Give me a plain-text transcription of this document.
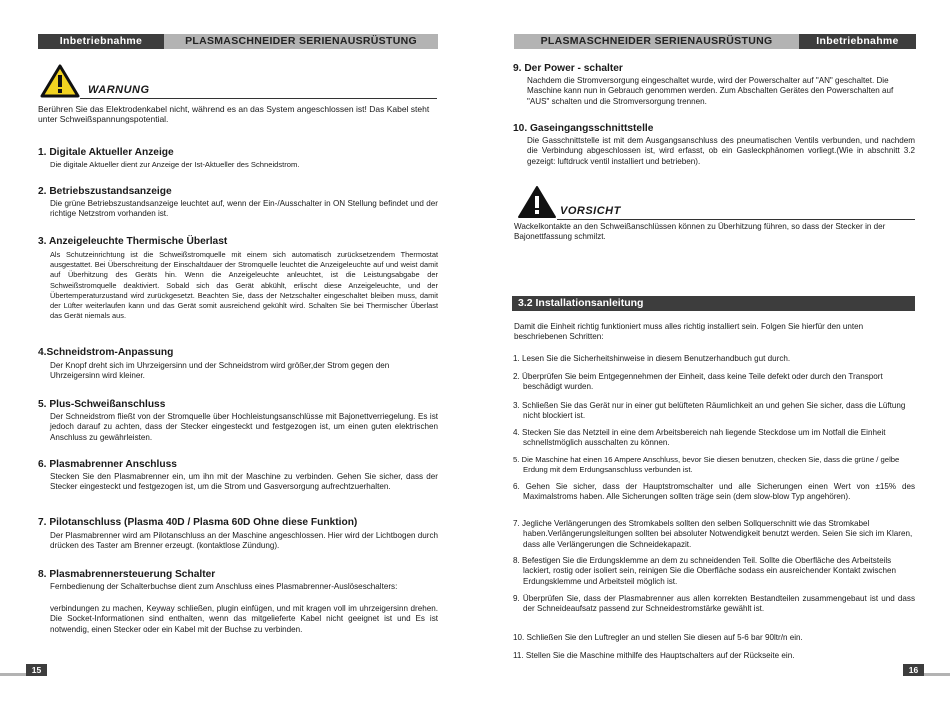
Inbetriebnahme	PLASMASCHNEIDER SERIENAUSRÜSTUNG
WARNUNG

Berühren Sie das Elektrodenkabel nicht, während es an das System angeschlossen ist! Das Kabel steht unter Schweißspannungspotential.

1. Digitale Aktueller Anzeige

Die digitale Aktueller dient zur Anzeige der Ist-Aktueller des Schneidstrom.

2. Betriebszustandsanzeige

Die grüne Betriebszustandsanzeige leuchtet auf, wenn der Ein-/Ausschalter in ON Stellung befindet und der richtige Netzstrom vorhanden ist.

3. Anzeigeleuchte Thermische Überlast

Als Schutzeinrichtung ist die Schweißstromquelle mit einem sich automatisch zurücksetzendem Thermostat ausgestattet. Bei Überschreitung der Einschaltdauer der Stromquelle leuchtet die Anzeigeleuchte auf und weist damit auf Überhitzung des Geräts hin. Wenn die Anzeigeleuchte anleuchtet, ist die Leistungsabgabe der Schweißstromquelle deaktiviert. Sobald sich das Gerät abkühlt, erlischt diese Anzeigeleuchte, und der Übertemperaturzustand wird zurückgesetzt. Beachten Sie, dass der Netzschalter eingeschaltet bleiben muss, damit der Lüfter weiterlaufen kann und das Gerät somit ausreichend gekühlt wird. Schalten Sie bei Thermischer Überlast das Gerät niemals aus.

4.Schneidstrom-Anpassung

Der Knopf dreht sich im Uhrzeigersinn und der Schneidstrom wird größer,der Strom gegen den Uhrzeigersinn wird kleiner.

5. Plus-Schweißanschluss

Der Schneidstrom fließt von der Stromquelle über Hochleistungsanschlüsse mit Bajonettverriegelung. Es ist jedoch darauf zu achten, dass der Stecker eingesteckt und festgezogen ist, um einen guten elektrischen Anschluss zu gewährleisten.

6. Plasmabrenner Anschluss

Stecken Sie den Plasmabrenner ein, um ihn mit der Maschine zu verbinden. Gehen Sie sicher, dass der Stecker eingesteckt und festgezogen ist, um die Strom und Gasversorgung aufrechtzuerhalten.

7. Pilotanschluss (Plasma 40D / Plasma 60D Ohne diese Funktion)

Der Plasmabrenner wird am Pilotanschluss an der Maschine angeschlossen. Hier wird der Lichtbogen durch drücken des Taster am Brenner erzeugt. (kontaktlose Zündung).

8. Plasmabrennersteuerung Schalter

Fernbedienung der Schalterbuchse dient zum Anschluss eines Plasmabrenner-Auslöseschalters:

verbindungen zu machen, Keyway schließen, plugin einfügen, und mit kragen voll im uhrzeigersinn drehen. Die Socket-Informationen sind enthalten, wenn das mitgelieferte Kabel nicht geeignet ist und Es ist notwendig, einen Stecker oder ein Kabel mit der Buchse zu verbinden.

15
PLASMASCHNEIDER SERIENAUSRÜSTUNG	Inbetriebnahme
9. Der Power - schalter

Nachdem die Stromversorgung eingeschaltet wurde, wird der Powerschalter auf "AN" geschaltet. Die Maschine kann nun in Gebrauch genommen werden. Zum Abschalten Gerätes den Powerschalten auf "AUS" schalten und die Stromversorgung trennen.

10. Gaseingangsschnittstelle

Die Gasschnittstelle ist mit dem Ausgangsanschluss des pneumatischen Ventils verbunden, und nachdem die Verbindung abgeschlossen ist, wird erfasst, ob ein Gasleckphänomen vorliegt.(Wie in abschnitt 3.2 gezeigt: luftdruck ventil installiert und betrieben).

VORSICHT

Wackelkontakte an den Schweißanschlüssen können zu Überhitzung führen, so dass der Stecker in der Bajonettfassung schmilzt.

3.2 Installationsanleitung

Damit die Einheit richtig funktioniert muss alles richtig installiert sein. Folgen Sie hierfür den unten beschriebenen Schritten:

1. Lesen Sie die Sicherheitshinweise in diesem Benutzerhandbuch gut durch.
2. Überprüfen Sie beim Entgegennehmen der Einheit, dass keine Teile defekt oder durch den Transport beschädigt wurden.
3. Schließen Sie das Gerät nur in einer gut belüfteten Räumlichkeit an und gehen Sie sicher, dass die Lüftung nicht blockiert ist.
4. Stecken Sie das Netzteil in eine dem Arbeitsbereich nah liegende Steckdose um im Notfall die Einheit schnellstmöglich ausschalten zu können.
5. Die Maschine hat einen 16 Ampere Anschluss, bevor Sie diesen benutzen, checken Sie, dass die grüne / gelbe Erdung mit dem Erdungsanschluss verbunden ist.
6. Gehen Sie sicher, dass der Hauptstromschalter und alle Sicherungen einen Wert von ±15% des Maximalstroms haben. Alle Sicherungen sollten träge sein (dem slow-blow Typ angehören).
7. Jegliche Verlängerungen des Stromkabels sollten den selben Sollquerschnitt wie das Stromkabel haben.Verlängerungsleitungen sollten bei absoluter Notwendigkeit benutzt werden. Seien Sie sich im Klaren, dass alle Verlängerungen die Schneidekapazit.
8. Befestigen Sie die Erdungsklemme an dem zu schneidenden Teil. Sollte die Oberfläche des Arbeitsteils lackiert, rostig oder isoliert sein, reinigen Sie die Oberfläche sodass ein ausreichender Kontakt zwischen Erdungsklemme und Arbeitsteil möglich ist.
9. Überprüfen Sie, dass der Plasmabrenner aus allen korrekten Bestandteilen zusammengebaut ist und dass der Schneideaufsatz passend zur Schneidestromstärke gewählt ist.
10. Schließen Sie den Luftregler an und stellen Sie diesen auf 5-6 bar 90ltr/n ein.
11. Stellen Sie die Maschine mithilfe des Hauptschalters auf der Rückseite ein.
16
